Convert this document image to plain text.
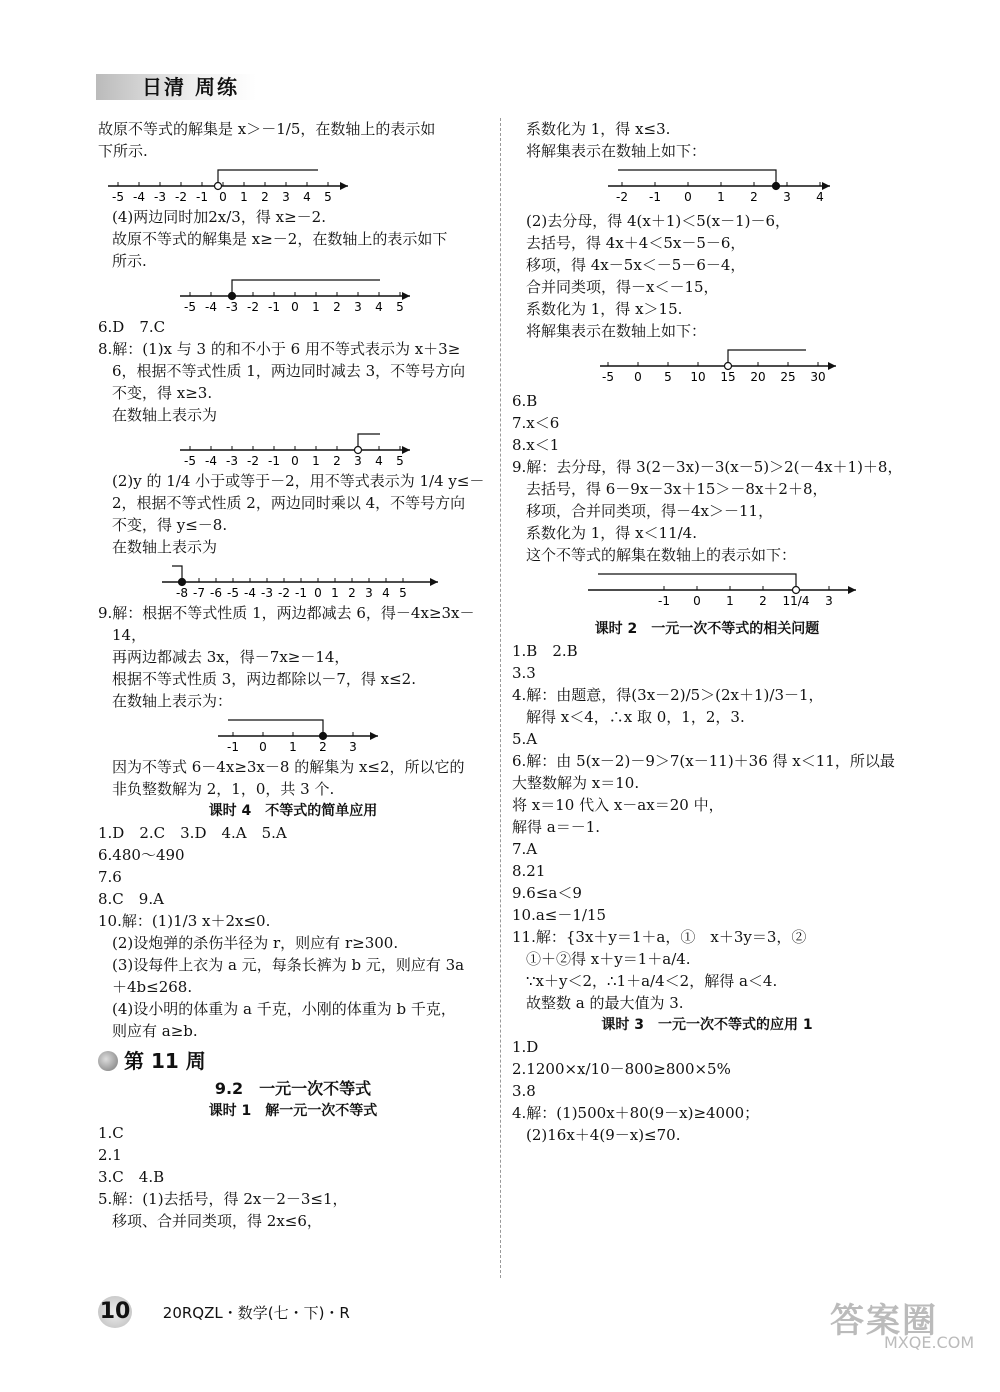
日清 周练

故原不等式的解集是 x＞－1/5，在数轴上的表示如

下所示.

-5 -4 -3 -2 -1 0 1 2 3 4 5

(4)两边同时加2x/3，得 x≥－2.

故原不等式的解集是 x≥－2，在数轴上的表示如下

所示.

-5 -4 -3 -2 -1 0 1 2 3 4 5

6.D　7.C

8.解：(1)x 与 3 的和不小于 6 用不等式表示为 x＋3≥

6，根据不等式性质 1，两边同时减去 3，不等号方向

不变，得 x≥3.

在数轴上表示为

-5 -4 -3 -2 -1 0 1 2 3 4 5

(2)y 的 1/4 小于或等于－2，用不等式表示为 1/4 y≤－

2，根据不等式性质 2，两边同时乘以 4，不等号方向

不变，得 y≤－8.

在数轴上表示为

-8 -7 -6 -5 -4 -3 -2 -1 0 1 2 3 4 5

9.解：根据不等式性质 1，两边都减去 6，得－4x≥3x－

14，

再两边都减去 3x，得－7x≥－14，

根据不等式性质 3，两边都除以－7，得 x≤2.

在数轴上表示为：

-1 0 1 2 3

因为不等式 6－4x≥3x－8 的解集为 x≤2，所以它的

非负整数解为 2，1，0，共 3 个.

课时 4　不等式的简单应用

1.D　2.C　3.D　4.A　5.A

6.480～490

7.6

8.C　9.A

10.解：(1)1/3 x＋2x≤0.

(2)设炮弹的杀伤半径为 r，则应有 r≥300.

(3)设每件上衣为 a 元，每条长裤为 b 元，则应有 3a

＋4b≤268.

(4)设小明的体重为 a 千克，小刚的体重为 b 千克，

则应有 a≥b.

第 11 周

9.2　一元一次不等式

课时 1　解一元一次不等式

1.C

2.1

3.C　4.B

5.解：(1)去括号，得 2x－2－3≤1，

移项、合并同类项，得 2x≤6，

系数化为 1，得 x≤3.

将解集表示在数轴上如下：

-2 -1 0 1 2 3 4

(2)去分母，得 4(x＋1)＜5(x－1)－6，

去括号，得 4x＋4＜5x－5－6，

移项，得 4x－5x＜－5－6－4，

合并同类项，得－x＜－15，

系数化为 1，得 x＞15.

将解集表示在数轴上如下：

-5 0 5 10 15 20 25 30

6.B

7.x＜6

8.x＜1

9.解：去分母，得 3(2－3x)－3(x－5)＞2(－4x＋1)＋8，

去括号，得 6－9x－3x＋15＞－8x＋2＋8，

移项，合并同类项，得－4x＞－11，

系数化为 1，得 x＜11/4.

这个不等式的解集在数轴上的表示如下：

-1 0 1 2 11/4 3

课时 2　一元一次不等式的相关问题

1.B　2.B

3.3

4.解：由题意，得(3x－2)/5＞(2x＋1)/3－1，

解得 x＜4，∴x 取 0，1，2，3.

5.A

6.解：由 5(x－2)－9＞7(x－11)＋36 得 x＜11，所以最

大整数解为 x＝10.

将 x＝10 代入 x－ax＝20 中，

解得 a＝－1.

7.A

8.21

9.6≤a＜9

10.a≤－1/15

11.解：{3x＋y＝1＋a，①　x＋3y＝3，②

①＋②得 x＋y＝1＋a/4.

∵x＋y＜2，∴1＋a/4＜2，解得 a＜4.

故整数 a 的最大值为 3.

课时 3　一元一次不等式的应用 1

1.D

2.1200×x/10－800≥800×5%

3.8

4.解：(1)500x＋80(9－x)≥4000；

(2)16x＋4(9－x)≤70.

10 20RQZL・数学(七・下)・R	答案圈
MXQE.COM
